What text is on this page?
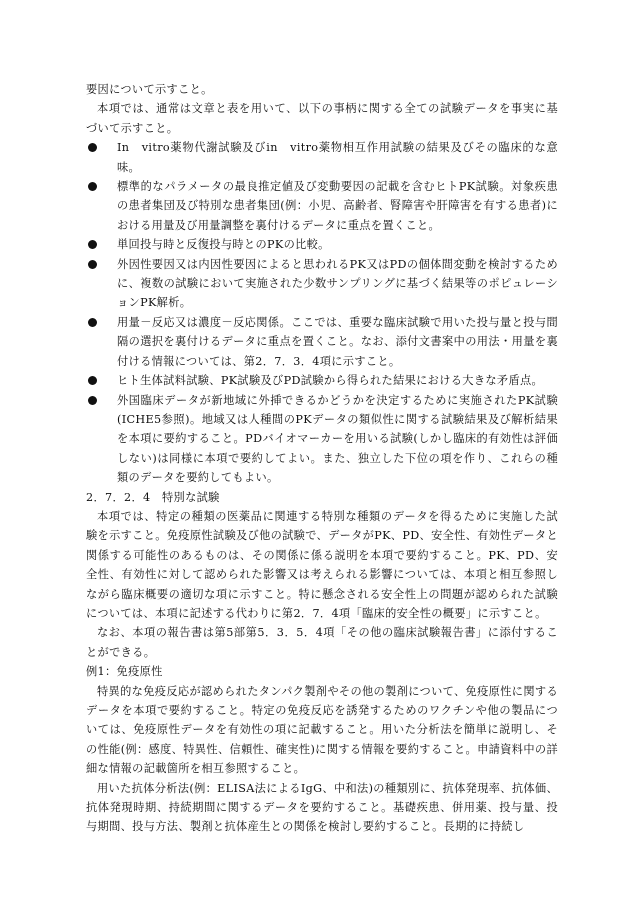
要因について示すこと。

本項では、通常は文章と表を用いて、以下の事柄に関する全ての試験データを事実に基づいて示すこと。

In　vitro薬物代謝試験及びin　vitro薬物相互作用試験の結果及びその臨床的な意味。
標準的なパラメータの最良推定値及び変動要因の記載を含むヒトPK試験。対象疾患の患者集団及び特別な患者集団(例：小児、高齢者、腎障害や肝障害を有する患者)における用量及び用量調整を裏付けるデータに重点を置くこと。
単回投与時と反復投与時とのPKの比較。
外因性要因又は内因性要因によると思われるPK又はPDの個体間変動を検討するために、複数の試験において実施された少数サンプリングに基づく結果等のポピュレーションPK解析。
用量－反応又は濃度－反応関係。ここでは、重要な臨床試験で用いた投与量と投与間隔の選択を裏付けるデータに重点を置くこと。なお、添付文書案中の用法・用量を裏付ける情報については、第2．7．3．4項に示すこと。
ヒト生体試料試験、PK試験及びPD試験から得られた結果における大きな矛盾点。
外国臨床データが新地域に外挿できるかどうかを決定するために実施されたPK試験(ICHE5参照)。地域又は人種間のPKデータの類似性に関する試験結果及び解析結果を本項に要約すること。PDバイオマーカーを用いる試験(しかし臨床的有効性は評価しない)は同様に本項で要約してよい。また、独立した下位の項を作り、これらの種類のデータを要約してもよい。

2．7．2．4　特別な試験

本項では、特定の種類の医薬品に関連する特別な種類のデータを得るために実施した試験を示すこと。免疫原性試験及び他の試験で、データがPK、PD、安全性、有効性データと関係する可能性のあるものは、その関係に係る説明を本項で要約すること。PK、PD、安全性、有効性に対して認められた影響又は考えられる影響については、本項と相互参照しながら臨床概要の適切な項に示すこと。特に懸念される安全性上の問題が認められた試験については、本項に記述する代わりに第2．7．4項「臨床的安全性の概要」に示すこと。

なお、本項の報告書は第5部第5．3．5．4項「その他の臨床試験報告書」に添付することができる。

例1：免疫原性

特異的な免疫反応が認められたタンパク製剤やその他の製剤について、免疫原性に関するデータを本項で要約すること。特定の免疫反応を誘発するためのワクチンや他の製品については、免疫原性データを有効性の項に記載すること。用いた分析法を簡単に説明し、その性能(例：感度、特異性、信頼性、確実性)に関する情報を要約すること。申請資料中の詳細な情報の記載箇所を相互参照すること。

用いた抗体分析法(例：ELISA法によるIgG、中和法)の種類別に、抗体発現率、抗体価、抗体発現時期、持続期間に関するデータを要約すること。基礎疾患、併用薬、投与量、投与期間、投与方法、製剤と抗体産生との関係を検討し要約すること。長期的に持続し
